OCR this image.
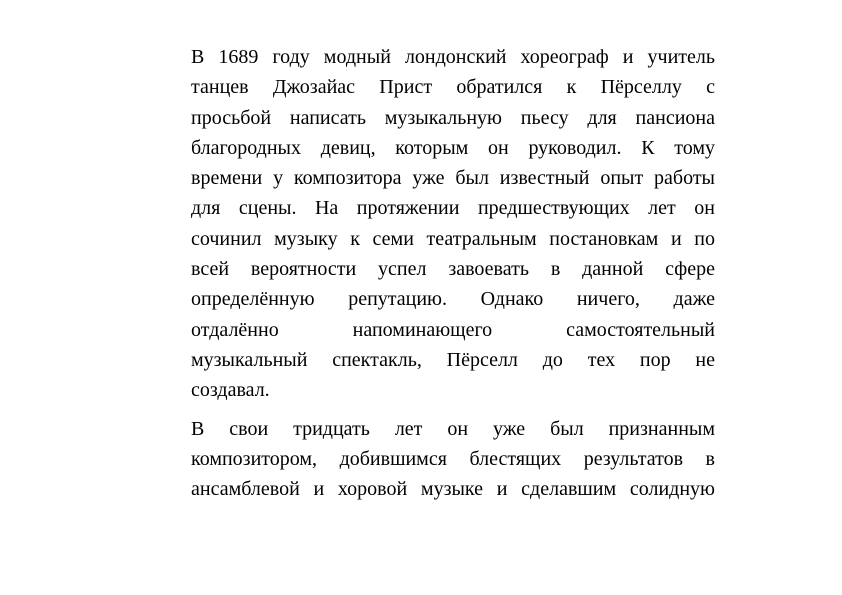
В 1689 году модный лондонский хореограф и учитель
танцев Джозайас Прист обратился к Пёрселлу с
просьбой написать музыкальную пьесу для пансиона
благородных девиц, которым он руководил. К тому
времени у композитора уже был известный опыт работы
для сцены. На протяжении предшествующих лет он
сочинил музыку к семи театральным постановкам и по
всей вероятности успел завоевать в данной сфере
определённую репутацию. Однако ничего, даже
отдалённо напоминающего самостоятельный
музыкальный спектакль, Пёрселл до тех пор не
создавал.

В свои тридцать лет он уже был признанным
композитором, добившимся блестящих результатов в
ансамблевой и хоровой музыке и сделавшим солидную
